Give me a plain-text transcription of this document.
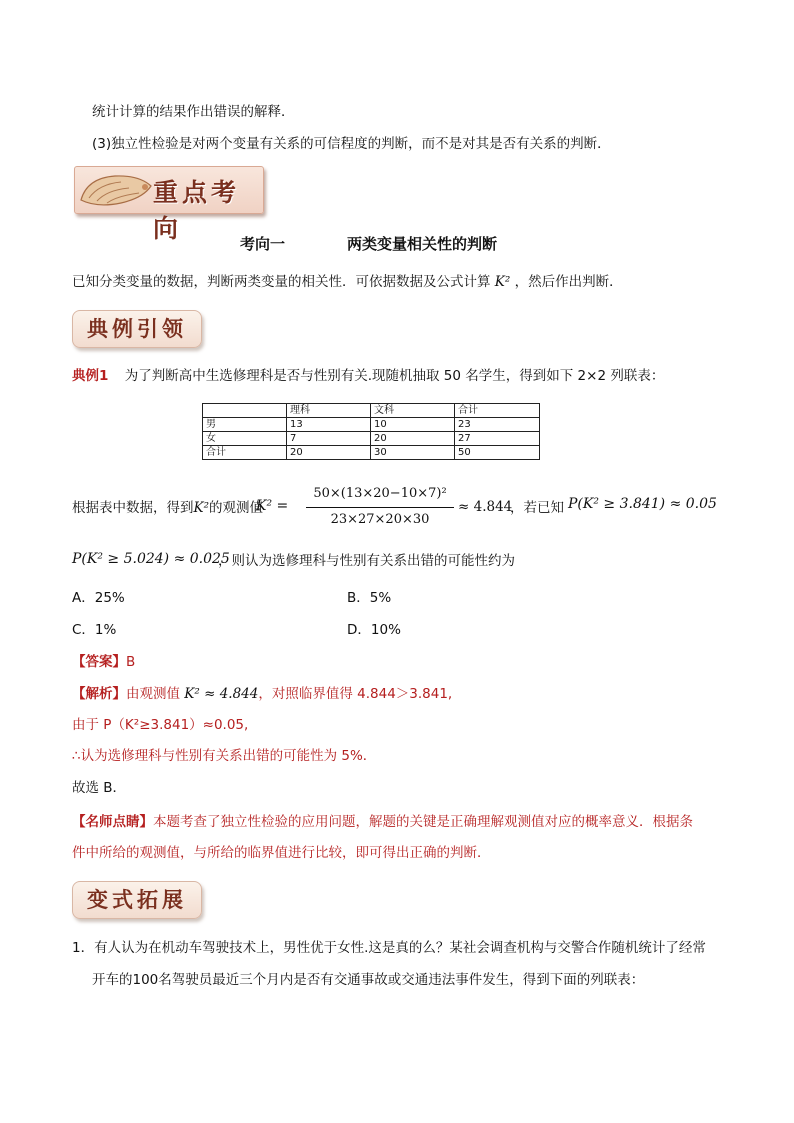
统计计算的结果作出错误的解释．
(3)独立性检验是对两个变量有关系的可信程度的判断，而不是对其是否有关系的判断．
重点考向
考向一	两类变量相关性的判断
已知分类变量的数据，判断两类变量的相关性．可依据数据及公式计算 K² ，然后作出判断．
典例引领
典例1 为了判断高中生选修理科是否与性别有关.现随机抽取 50 名学生，得到如下 2×2 列联表：
	理科	文科	合计
男	13	10	23
女	7	20	27
合计	20	30	50
根据表中数据，得到K²的观测值
K² =
50×(13×20−10×7)²
23×27×20×30
≈ 4.844
，若已知 P(K² ≥ 3.841) ≈ 0.05
P(K² ≥ 5.024) ≈ 0.025
，则认为选修理科与性别有关系出错的可能性约为
A．25%	B．5%
C．1%	D．10%
【答案】B
【解析】由观测值 K² ≈ 4.844，对照临界值得 4.844＞3.841,
由于 P（K²≥3.841）≈0.05,
∴认为选修理科与性别有关系出错的可能性为 5%．
故选 B．
【名师点睛】本题考查了独立性检验的应用问题，解题的关键是正确理解观测值对应的概率意义．根据条
件中所给的观测值，与所给的临界值进行比较，即可得出正确的判断．
变式拓展
1．有人认为在机动车驾驶技术上，男性优于女性.这是真的么？某社会调查机构与交警合作随机统计了经常
开车的100名驾驶员最近三个月内是否有交通事故或交通违法事件发生，得到下面的列联表：
